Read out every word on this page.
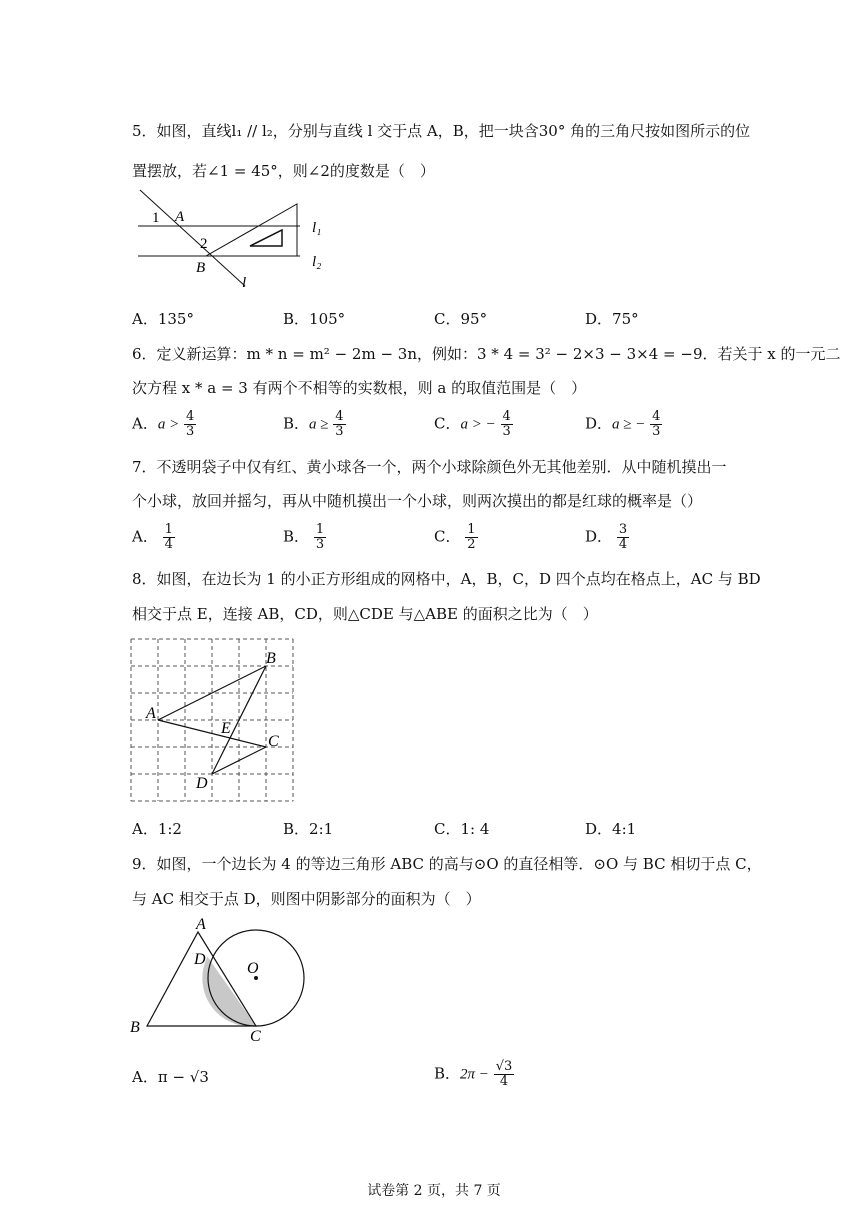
5．如图，直线l₁ // l₂，分别与直线 l 交于点 A，B，把一块含30° 角的三角尺按如图所示的位
置摆放，若∠1 = 45°，则∠2的度数是（　）
1 A
2
B
l₁
l₂
l
A．135°	B．105°	C．95°	D．75°
6．定义新运算：m * n = m² − 2m − 3n，例如：3 * 4 = 3² − 2×3 − 3×4 = −9．若关于 x 的一元二
次方程 x * a = 3 有两个不相等的实数根，则 a 的取值范围是（　）
A．$a > \frac{4}{3}$	B．$a \ge \frac{4}{3}$	C．a > − $\frac{4}{3}$	D．a ≥ − $\frac{4}{3}$
7．不透明袋子中仅有红、黄小球各一个，两个小球除颜色外无其他差别．从中随机摸出一
个小球，放回并摇匀，再从中随机摸出一个小球，则两次摸出的都是红球的概率是（）
A． $\frac{1}{4}$	B． $\frac{1}{3}$	C． $\frac{1}{2}$	D． $\frac{3}{4}$
8．如图，在边长为 1 的小正方形组成的网格中，A，B，C，D 四个点均在格点上，AC 与 BD
相交于点 E，连接 AB，CD，则△CDE 与△ABE 的面积之比为（　）
A
B
C
D
E
A．1:2	B．2:1	C．1: 4	D．4:1
9．如图，一个边长为 4 的等边三角形 ABC 的高与⊙O 的直径相等．⊙O 与 BC 相切于点 C，
与 AC 相交于点 D，则图中阴影部分的面积为（　）
A
B
C
D
O
A．π − √3	B．$2\pi - \frac{√3}{4}$
试卷第 2 页，共 7 页
